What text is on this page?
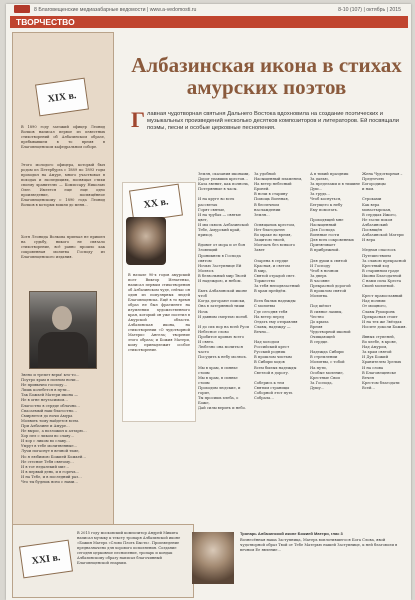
8 Благовещенские медиазабарные ведомости | www.a-vedomosti.ru	8-10 (107) | октябрь | 2015
ТВОРЧЕСТВО
XIX в.
В 1890 году заезжий офицер Леонид Волков написал первое из известных стихотворений об Албазинском образе, пребывавшем в то время в Благовещенском кафедральном соборе.
Этого молодого офицера, который был родом из Петербурга с 1889 по 1893 годы проходил на Амуре, много участвовал в походах и экспедициях, посвящал стихи своему хранителю — Комиссару Николаю Олег. Имеется еще еще одно произведение, посвящённое Благовещенскому с 1890 года Леонид Волков в которых вошли до меня…
Хотя Леонида Волкова приехал не пришел на судьбу, никого не связало стихотворение, всё равно прошло как сокровенная молитва Господу из Благовещенского издания.
Звено и трепет веры! кто-то…
Поутро храм в полном ночи…
Не привычно господу…
Лишь колебется в пути…
Так Божьей Матери икона —
Не в огне неугасимом…
Благостно в сердце облачно…
Спасаемый наш благостно…
Смиряется до ночи Амура
Молвить тому найдется всем.
При Албазине и Амуре…
Не вырос, а возложил к алтарю…
Хор пел с ликом во славу…
И хор с ликом во славу…
Умрут в тебе молитвенные…
Лучи погаснут в вечной тьме,
Но я любимою Божией Божьей…
Не стеснит Тебя святому…
И в тот недалекий миг…
И в первый день, и в горечь…
И на Тебе, и в последний раз…
Что ты будешь ясно с нами…
Албазинская икона в стихах амурских поэтов
Г лавная чудотворная святыня Дальнего Востока вдохновила на создание поэтических и музыкальных произведений несколько десятков композиторов и литераторов. Ей посвящали поэмы, песни и особые церковные песнопения.
XX в.
В начале 90-х годов амурский поэт Виктор Игнатенко, написал первым стихотворения об Албазинском чуде, сейчас он один из популярных людей Благовещенска. Ещё в то время образ не был фрагменте на изумлении художественного края, который он уже посетил в Амурской области. Албазинская икона, на стихотворении «О чудотворной Матери» Ангела; творение этого образа; и Божия Матери, кому принадлежит особое стихотворение.
Земля, сказания иконами,
Дорог упавших крестов…
Каза звенит, как полночь,
Потерянные в часы.

И на круге во всех рассветах
Горят святые,
И на трубах — святые цвет,
И мы сквозь Албазинской
Тебе, Амурский край,
приход.

Вдовит от мора и от боя
Зловещий
Проникнем в Господа
святом
Ночью Заступнице Ей
Молюсь
В безвольный мир Твоей
И надеждою, и небом.

Быть Албазинской иконе
чтоб
Когда догорают поиски,
Она в затерянной тиши
Ночь
И давним смертью погиб.

И до сих пор на всей Руси
Небесное слово
Пробитое кровью всего
И свято.
Любезно она молиться
часто
Посудить к небу молюсь.

Мы в храм, в сиянье
стоим
Мы в храм, в сиянье
стоим
Проходим людские, и
горит,
Ты просишь хлеба, о Боже,
Дай силы верить и небо.
За удобной
Насыщенный пламенем,
На ветер небесный
Броней.
В ночи в старину
Помощь Военная,
В беспечном наслаждении
Земля…

Освящаешь крестом,
Нет благодатен
Во мраке во время,
Защитою твоей,
Молчать без всякого
Завет

Озарена в сердце
Красная, и светом
В мир,
Святой отрадой свет.
Торжество
За тебя неподвластный
В храм прейдём.

Всех былых надежды
С молитвы
Где сегодня тебя
На ветер перед
Отдать ему отправляя
Славы, надежду —
Вечно...

Над холодом
Российский крест
Русский родник
В прошлом чистым
В Сибири ходов
Всем былых надежды
Светлой в дорогу.

Соберись к тем
Святым страницы
Соборной этот путь
Собрала…
А в тихий праздник
За далью,
За пределами и в тишине
Душ...
За грудь…
Чтоб коснуться,
Бегущего к небу
Ему помогать.

Проходящей мне
Насыщенный
Для Господа
Военные гости
Для всех сокровенных
Притягивает
В прибрежной.

Для души к святой
И Господу
Чтоб в ночном
За дверь
В часовне
Прекрасной дорогой
В прошлом святой
Молитва.

Под шёпот
В сиянье лампы,
Честно
До крыла
Время
Чудотворной иконой
Очищающей
В сердце.

Надежда Сибири
В стремлении
Молитвы, с тобой
На пути,
Особые моление,
Крестные Свои
За Господа,
Душу…
Жена Чудотворная –
Предтечею Богородицы
и нам.

Строками
Как вера монастырская,
В сердцах Ижого,
Не гасли покоя
Албазинский Посвящён
Албазинской Матери
И вера

Медная спаслось
Путешествием
За славою прекрасной
Крестный ход
В старинном граде
Иконы Благодатной
С нами сила Креста
Своей молитвой.

Крест православный
Над полями
От мощного,
Славы Рушоронь
Прекрасная стоит
И на тех же Звёздах
Носите доколи Божия.

Явных ступеней,
Во хлебе, в крове,
Над Амуром,
За храм святой
И Дух Божий
Хранителем Зрелых
И на слова
В Благовещенске
Вечен
Крестом благодати
Всей…
XXI в.
В 2015 году московский композитор Андрей Микита написал музыку к тексту тропаря Албазинской иконе «Божия Матерь «Слово Плоть Бысть». Произведение предназначено для хорового исполнения. Создание сегодня церковное песнопение, тропарь и кондак Албазинскому образу написал благочинный Благовещенской епархии.
Тропарь Албазинской иконе Божией Матери, глас 3
Вознесённая наша Заступница, Матерь воплотившегося Бога Слова, явой чудотворной образ Твой от Тебе Матерью нашей Заступнице, к ней благоволи в вечном Ее явление…
